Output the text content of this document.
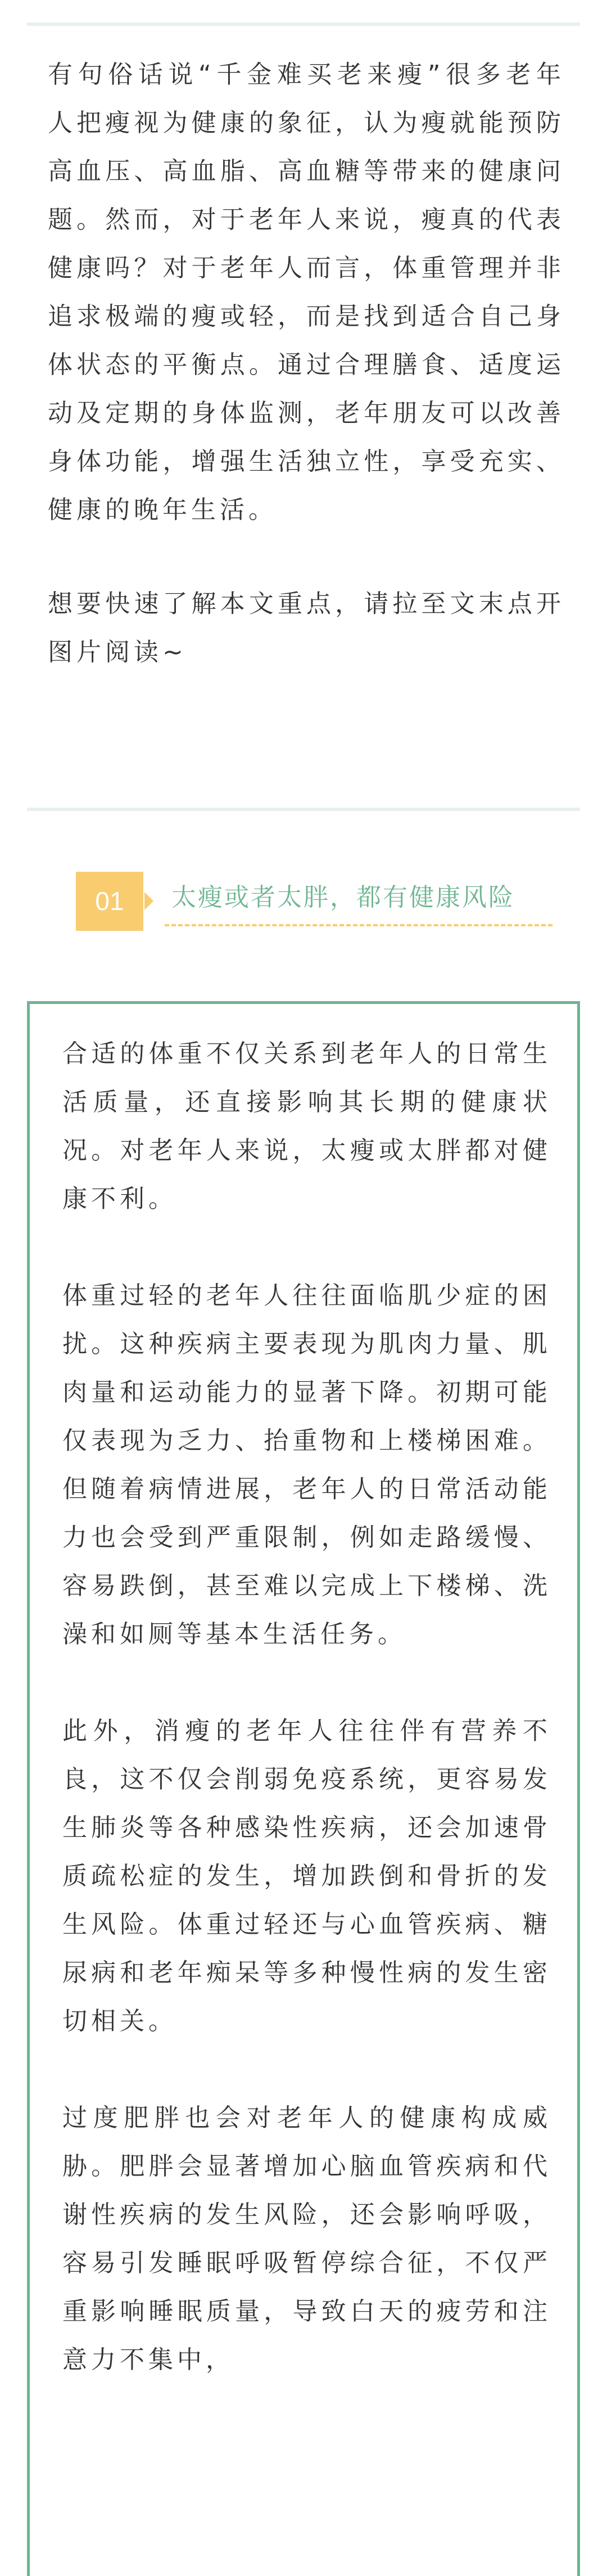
有句俗话说“千金难买老来瘦”很多老年人把瘦视为健康的象征，认为瘦就能预防高血压、高血脂、高血糖等带来的健康问题。然而，对于老年人来说，瘦真的代表健康吗？对于老年人而言，体重管理并非追求极端的瘦或轻，而是找到适合自己身体状态的平衡点。通过合理膳食、适度运动及定期的身体监测，老年朋友可以改善身体功能，增强生活独立性，享受充实、健康的晚年生活。

想要快速了解本文重点，请拉至文末点开图片阅读~

01	太瘦或者太胖，都有健康风险

合适的体重不仅关系到老年人的日常生活质量，还直接影响其长期的健康状况。对老年人来说，太瘦或太胖都对健康不利。

体重过轻的老年人往往面临肌少症的困扰。这种疾病主要表现为肌肉力量、肌肉量和运动能力的显著下降。初期可能仅表现为乏力、抬重物和上楼梯困难。但随着病情进展，老年人的日常活动能力也会受到严重限制，例如走路缓慢、容易跌倒，甚至难以完成上下楼梯、洗澡和如厕等基本生活任务。

此外，消瘦的老年人往往伴有营养不良，这不仅会削弱免疫系统，更容易发生肺炎等各种感染性疾病，还会加速骨质疏松症的发生，增加跌倒和骨折的发生风险。体重过轻还与心血管疾病、糖尿病和老年痴呆等多种慢性病的发生密切相关。

过度肥胖也会对老年人的健康构成威胁。肥胖会显著增加心脑血管疾病和代谢性疾病的发生风险，还会影响呼吸，容易引发睡眠呼吸暂停综合征，不仅严重影响睡眠质量，导致白天的疲劳和注意力不集中，
